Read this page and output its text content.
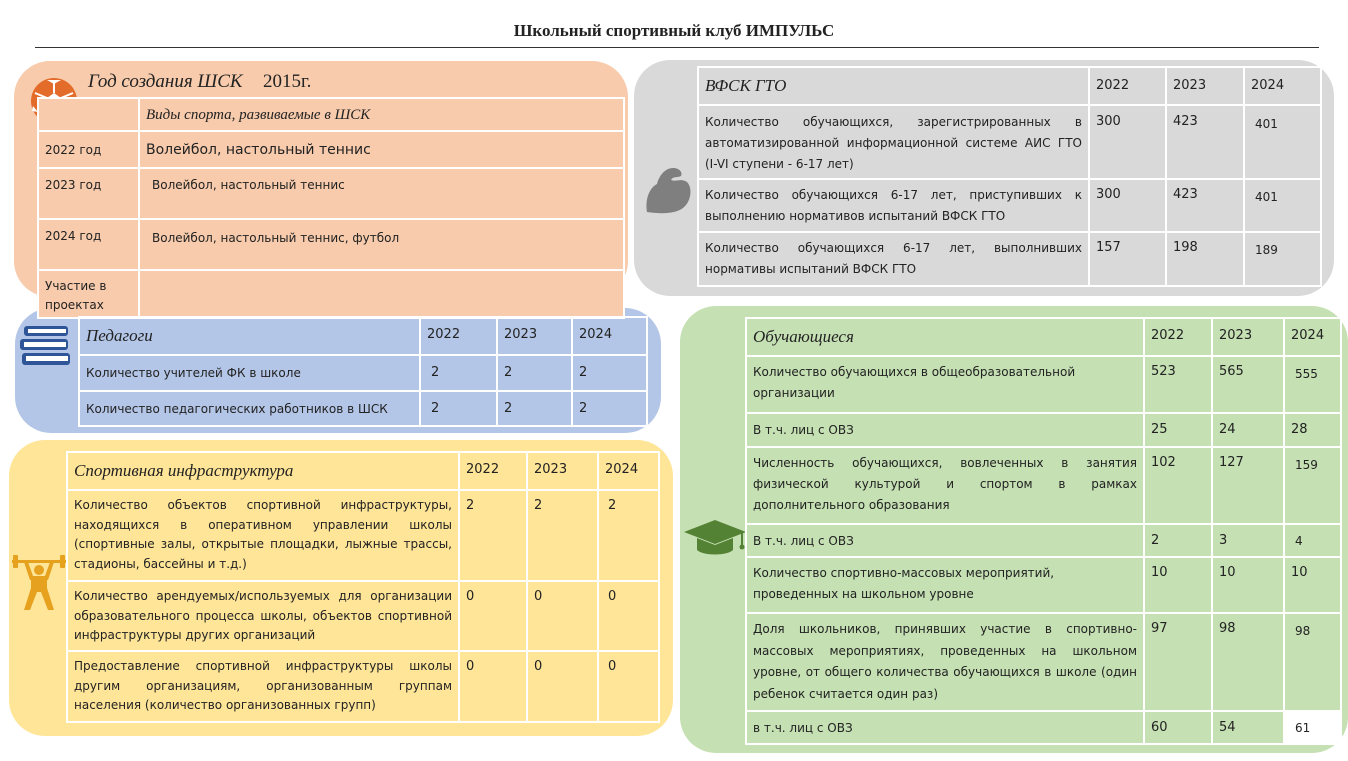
Школьный спортивный клуб ИМПУЛЬС
Год создания ШСК 2015г.
	Виды спорта, развиваемые в ШСК
2022 год	Волейбол, настольный теннис
2023 год	Волейбол, настольный теннис
2024 год	Волейбол, настольный теннис, футбол
Участие в проектах	
ВФСК ГТО	2022	2023	2024
Количество обучающихся, зарегистрированных в автоматизированной информационной системе АИС ГТО (I-VI ступени - 6-17 лет)	300	423	401
Количество обучающихся 6-17 лет, приступивших к выполнению нормативов испытаний ВФСК ГТО	300	423	401
Количество обучающихся 6-17 лет, выполнивших нормативы испытаний ВФСК ГТО	157	198	189
Педагоги	2022	2023	2024
Количество учителей ФК в школе	2	2	2
Количество педагогических работников в ШСК	2	2	2
Спортивная инфраструктура	2022	2023	2024
Количество объектов спортивной инфраструктуры, находящихся в оперативном управлении школы (спортивные залы, открытые площадки, лыжные трассы, стадионы, бассейны и т.д.)	2	2	2
Количество арендуемых/используемых для организации образовательного процесса школы, объектов спортивной инфраструктуры других организаций	0	0	0
Предоставление спортивной инфраструктуры школы другим организациям, организованным группам населения (количество организованных групп)	0	0	0
Обучающиеся	2022	2023	2024
Количество обучающихся в общеобразовательной организации	523	565	555
В т.ч. лиц с ОВЗ	25	24	28
Численность обучающихся, вовлеченных в занятия физической культурой и спортом в рамках дополнительного образования	102	127	159
В т.ч. лиц с ОВЗ	2	3	4
Количество спортивно-массовых мероприятий, проведенных на школьном уровне	10	10	10
Доля школьников, принявших участие в спортивно-массовых мероприятиях, проведенных на школьном уровне, от общего количества обучающихся в школе (один ребенок считается один раз)	97	98	98
в т.ч. лиц с ОВЗ	60	54	61
